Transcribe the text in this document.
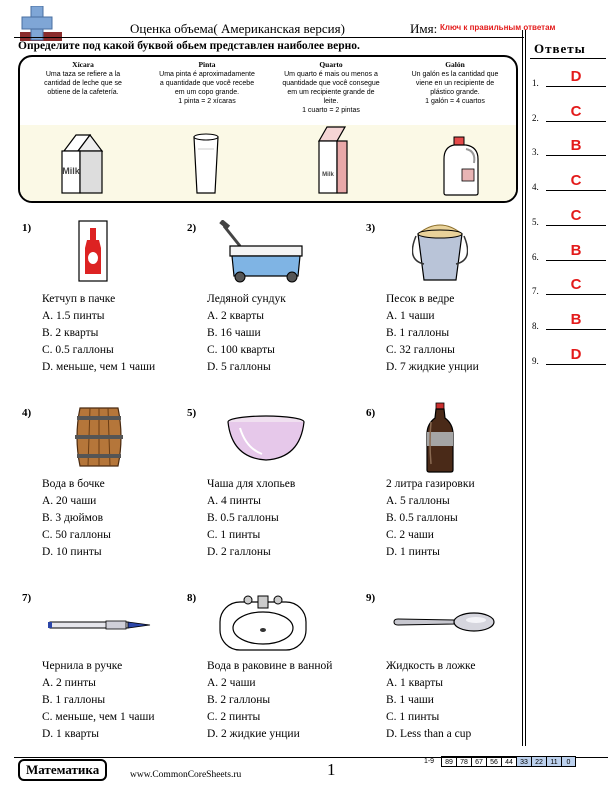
Оценка объема( Американская версия)	Имя: Ключ к правильным ответам
Определите под какой буквой обьем представлен наиболее верно.	Ответы
1.	D
2.	C
3.	B
4.	C
5.	C
6.	B
7.	C
8.	B
9.	D
Xícara
Uma taza se refiere a la
cantidad de leche que se
obtiene de la cafetería.
Pinta
Uma pinta é aproximadamente
a quantidade que você recebe
em um copo grande.
1 pinta = 2 xícaras
Quarto
Um quarto é mais ou menos a
quantidade que você consegue
em um recipiente grande de
leite.
1 cuarto = 2 pintas
Galón
Un galón es la cantidad que
viene en un recipiente de
plástico grande.
1 galón = 4 cuartos
Milk	Milk
1)
Кетчуп в пачке
A. 1.5 пинты
B. 2 кварты
C. 0.5 галлоны
D. меньше, чем 1 чаши
2)
Ледяной сундук
A. 2 кварты
B. 16 чаши
C. 100 кварты
D. 5 галлоны
3)
Песок в ведре
A. 1 чаши
B. 1 галлоны
C. 32 галлоны
D. 7 жидкие унции
4)
Вода в бочке
A. 20 чаши
B. 3 дюймов
C. 50 галлоны
D. 10 пинты
5)
Чаша для хлопьев
A. 4 пинты
B. 0.5 галлоны
C. 1 пинты
D. 2 галлоны
6)
2 литра газировки
A. 5 галлоны
B. 0.5 галлоны
C. 2 чаши
D. 1 пинты
7)
Чернила в ручке
A. 2 пинты
B. 1 галлоны
C. меньше, чем 1 чаши
D. 1 кварты
8)
Вода в раковине в ванной
A. 2 чаши
B. 2 галлоны
C. 2 пинты
D. 2 жидкие унции
9)
Жидкость в ложке
A. 1 кварты
B. 1 чаши
C. 1 пинты
D. Less than a cup
Математика	www.CommonCoreSheets.ru	1	1-9	89	78	67	56	44	33	22	11	0
